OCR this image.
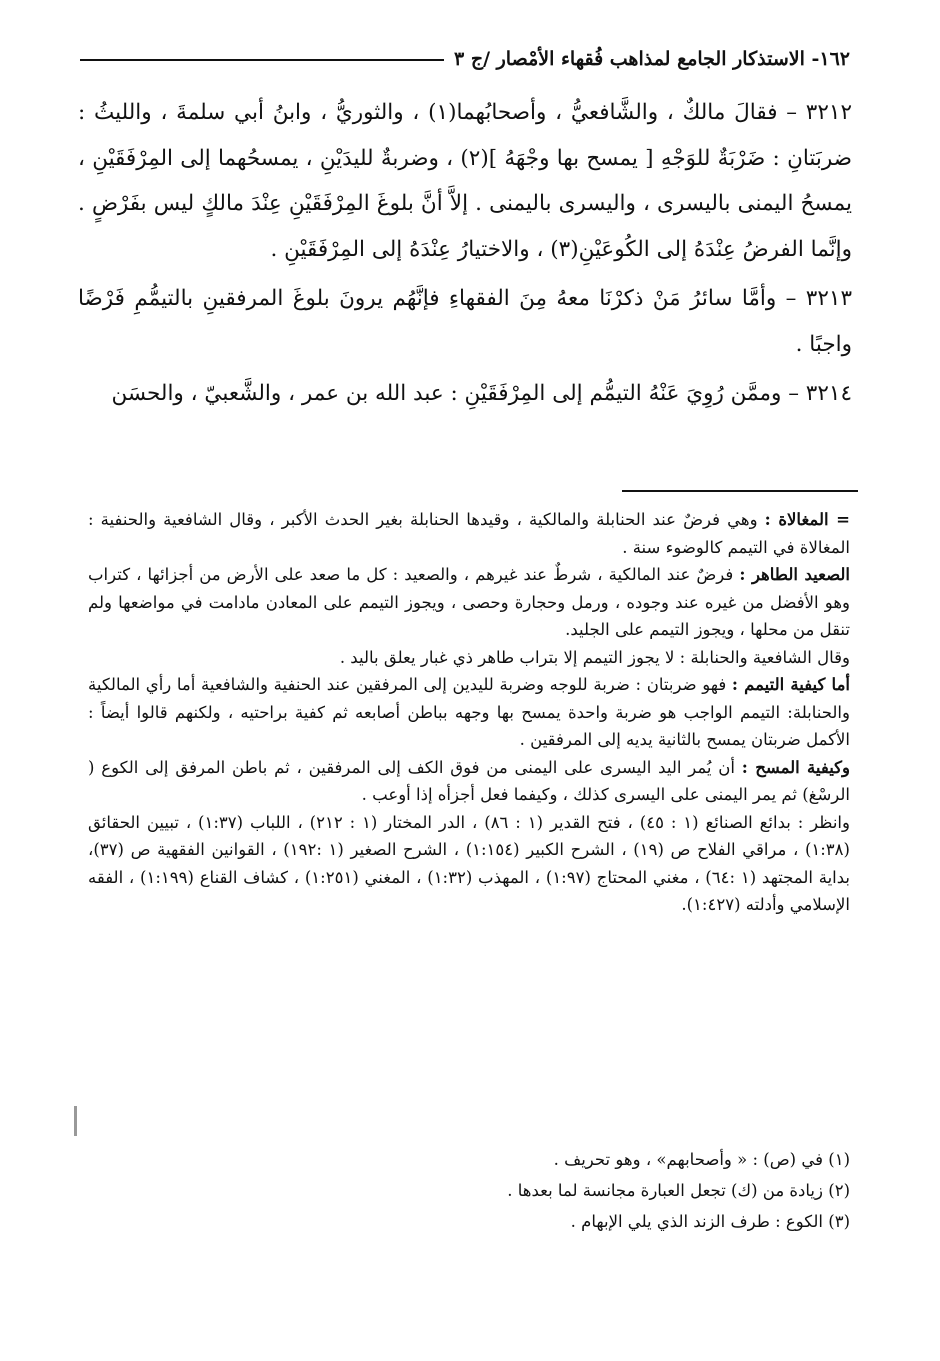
١٦٢- الاستذكار الجامع لمذاهب فُقهاء الأمْصار /ج ٣

٣٢١٢ – فقالَ مالكٌ ، والشَّافعيُّ ، وأصحابُهما(١) ، والثوريُّ ، وابنُ أبي سلمةَ ، والليثُ : ضربَتانِ : ضَرْبَةٌ للوَجْهِ [ يمسح بها وجْهَهُ ](٢) ، وضربةٌ لليدَيْنِ ، يمسحُهما إلى المِرْفَقَيْنِ ، يمسحُ اليمنى باليسرى ، واليسرى باليمنى . إلاَّ أنَّ بلوغَ المِرْفَقَيْنِ عِنْدَ مالكٍ ليس بفَرْضٍ . وإنَّما الفرضُ عِنْدَهُ إلى الكُوعَيْنِ(٣) ، والاختيارُ عِنْدَهُ إلى المِرْفَقَيْنِ .

٣٢١٣ – وأمَّا سائرُ مَنْ ذكرْنَا معهُ مِنَ الفقهاءِ فإنَّهُم يرونَ بلوغَ المرفقينِ بالتيمُّمِ فَرْضًا واجبًا .

٣٢١٤ – وممَّن رُوِيَ عَنْهُ التيمُّم إلى المِرْفَقَيْنِ : عبد الله بن عمر ، والشَّعبيّ ، والحسَن

= المغالاة : وهي فرضٌ عند الحنابلة والمالكية ، وقيدها الحنابلة بغير الحدث الأكبر ، وقال الشافعية والحنفية : المغالاة في التيمم كالوضوء سنة .

الصعيد الطاهر : فرضٌ عند المالكية ، شرطٌ عند غيرهم ، والصعيد : كل ما صعد على الأرض من أجزائها ، كتراب وهو الأفضل من غيره عند وجوده ، ورمل وحجارة وحصى ، ويجوز التيمم على المعادن مادامت في مواضعها ولم تنقل من محلها ، ويجوز التيمم على الجليد.

وقال الشافعية والحنابلة : لا يجوز التيمم إلا بتراب طاهر ذي غبار يعلق باليد .

أما كيفية التيمم : فهو ضربتان : ضربة للوجه وضربة لليدين إلى المرفقين عند الحنفية والشافعية أما رأي المالكية والحنابلة: التيمم الواجب هو ضربة واحدة يمسح بها وجهه بباطن أصابعه ثم كفية براحتيه ، ولكنهم قالوا أيضاً : الأكمل ضربتان يمسح بالثانية يديه إلى المرفقين .

وكيفية المسح : أن يُمر اليد اليسرى على اليمنى من فوق الكف إلى المرفقين ، ثم باطن المرفق إلى الكوع ( الرسْغ) ثم يمر اليمنى على اليسرى كذلك ، وكيفما فعل أجزأه إذا أوعب .

وانظر : بدائع الصنائع (١ : ٤٥) ، فتح القدير (١ : ٨٦) ، الدر المختار (١ : ٢١٢) ، اللباب (١:٣٧) ، تبيين الحقائق (١:٣٨) ، مراقي الفلاح ص (١٩) ، الشرح الكبير (١:١٥٤) ، الشرح الصغير (١ :١٩٢) ، القوانين الفقهية ص (٣٧)، بداية المجتهد (١ :٦٤) ، مغني المحتاج (١:٩٧) ، المهذب (١:٣٢) ، المغني (١:٢٥١) ، كشاف القناع (١:١٩٩) ، الفقه الإسلامي وأدلته (١:٤٢٧).

(١) في (ص) : « وأصحابهم» ، وهو تحريف .

(٢) زيادة من (ك) تجعل العبارة مجانسة لما بعدها .

(٣) الكوع : طرف الزند الذي يلي الإبهام .
